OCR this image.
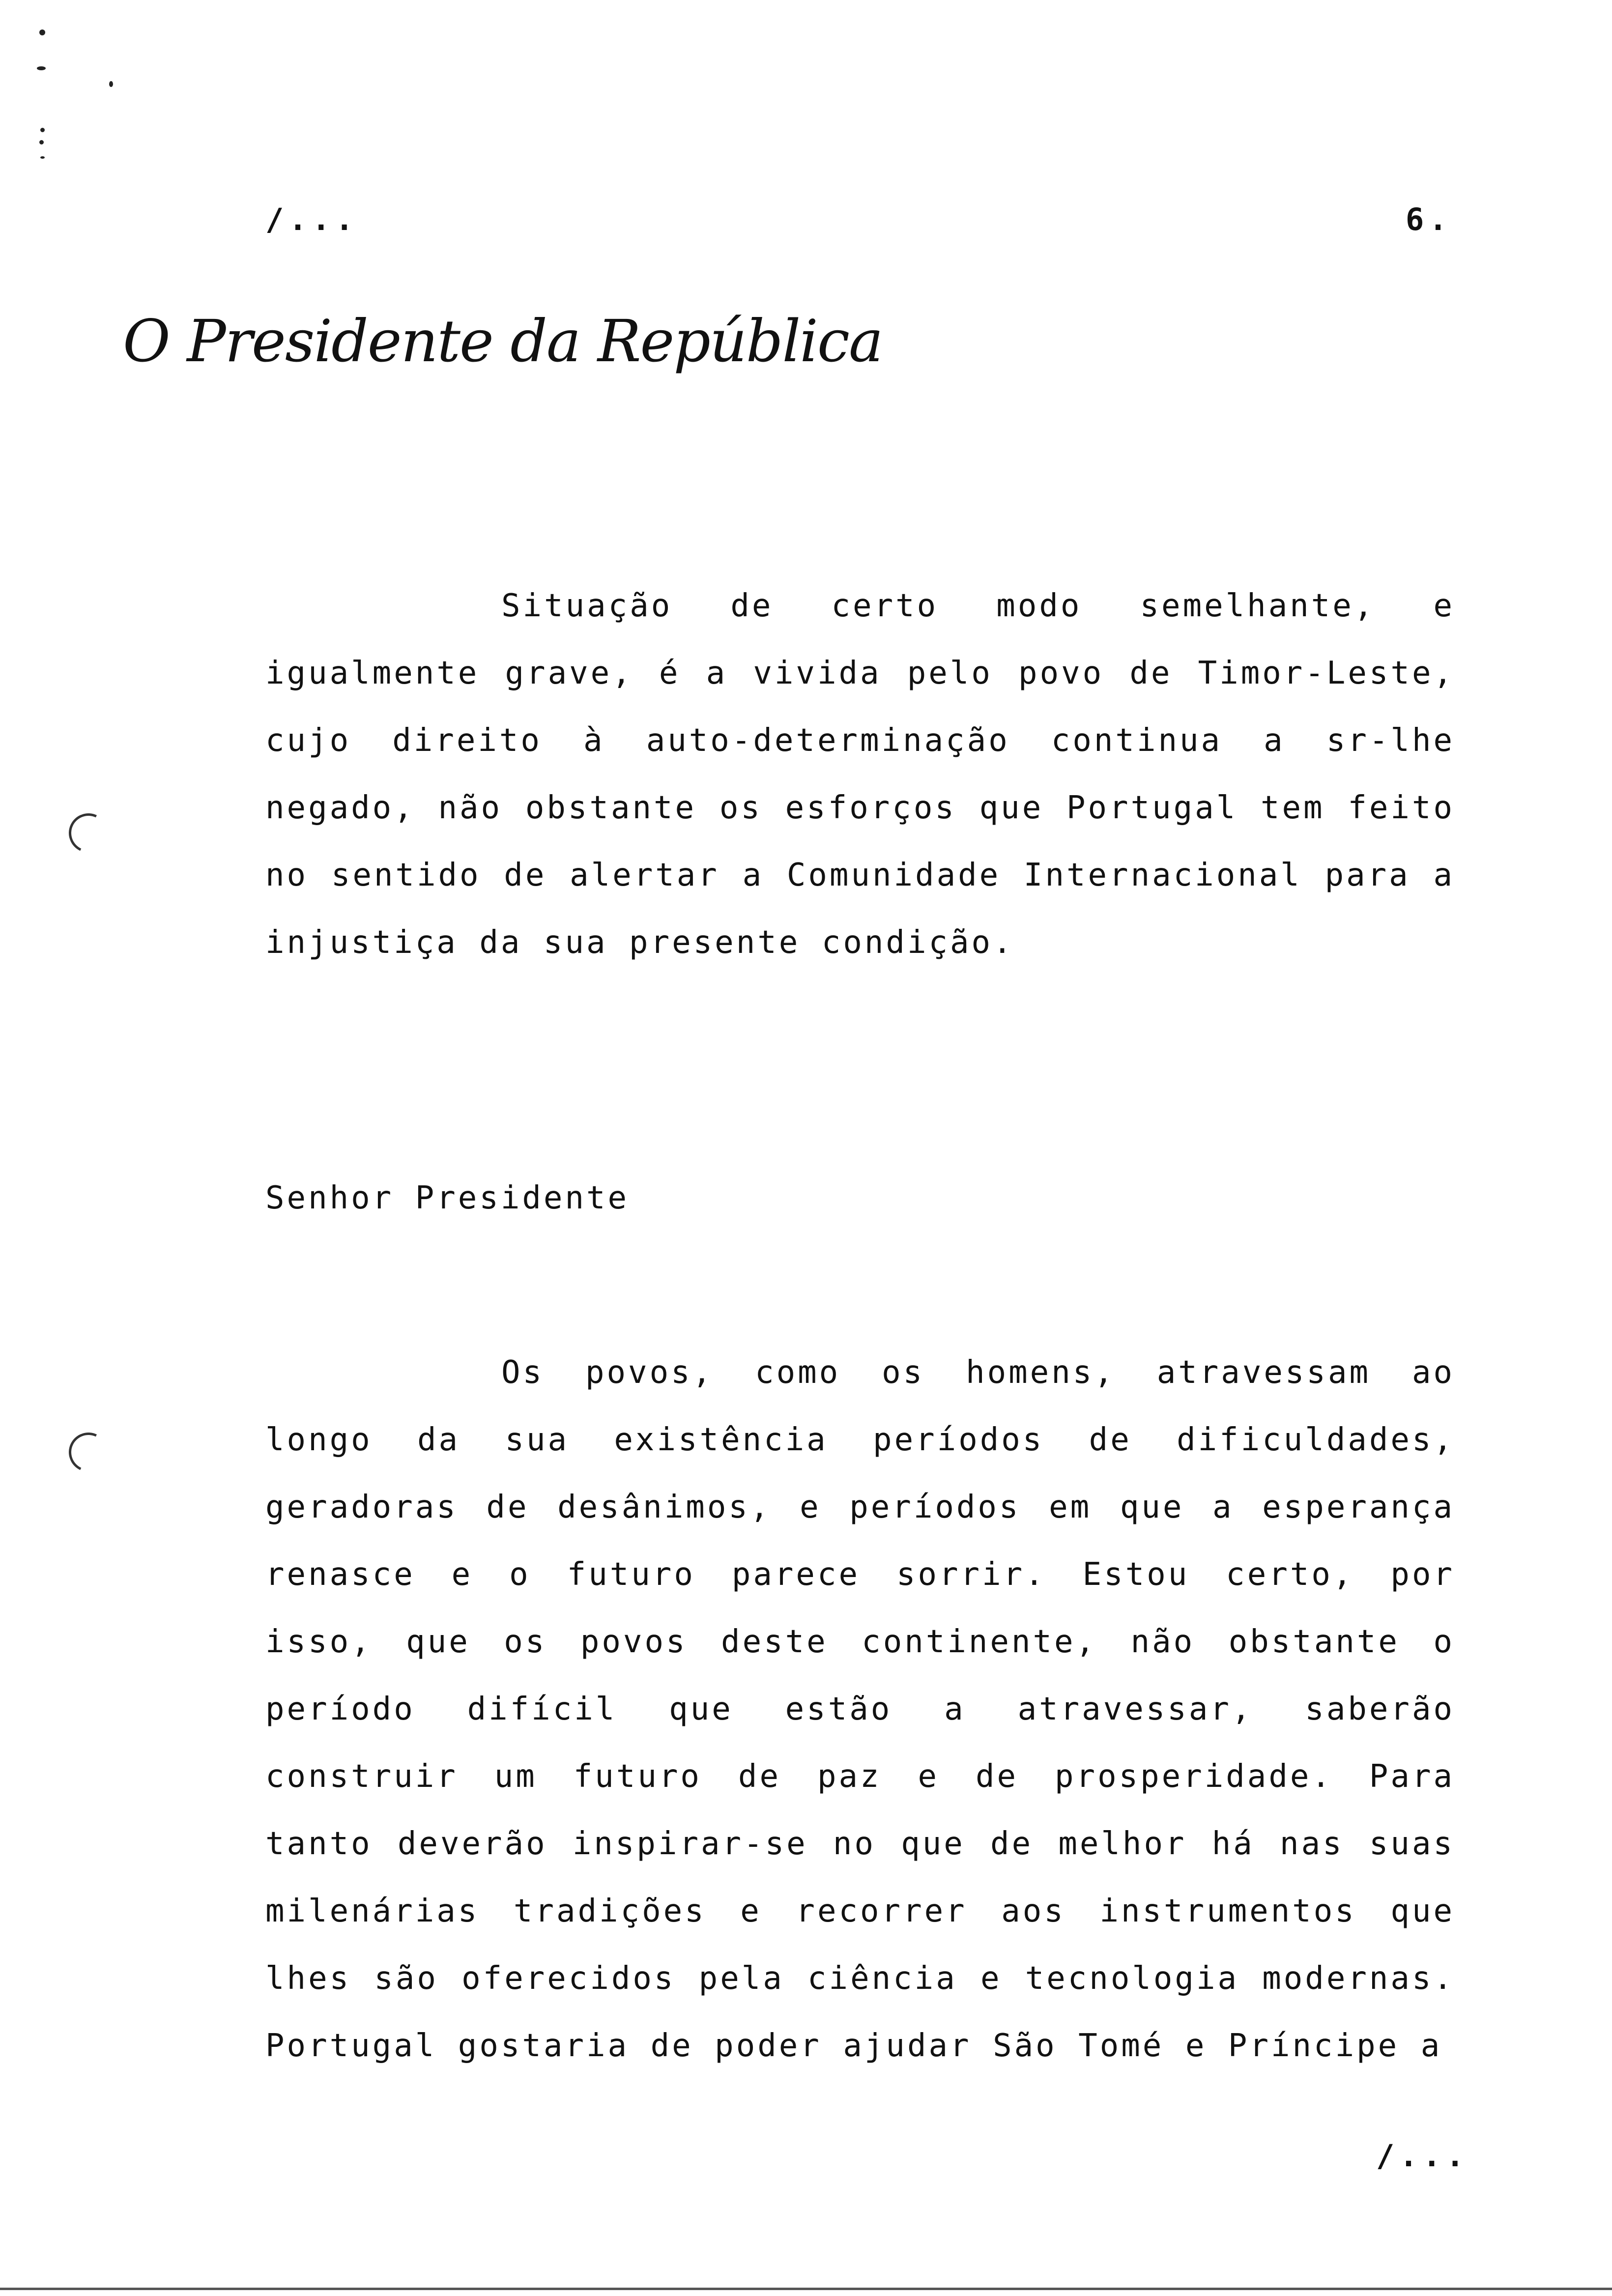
/...	6.
O Presidente da República
Situação de certo modo semelhante, e igualmente grave, é a vivida pelo povo de Timor-Leste, cujo direito à auto-determinação continua a sr-lhe negado, não obstante os esforços que Portugal tem feito no sentido de alertar a Comunidade Internacional para a injustiça da sua presente condição.
Senhor Presidente
Os povos, como os homens, atravessam ao longo da sua existência períodos de dificuldades, geradoras de desânimos, e períodos em que a esperança renasce e o futuro parece sorrir. Estou certo, por isso, que os povos deste continente, não obstante o período difícil que estão a atravessar, saberão construir um futuro de paz e de prosperidade. Para tanto deverão inspirar-se no que de melhor há nas suas milenárias tradições e recorrer aos instrumentos que lhes são oferecidos pela ciência e tecnologia modernas. Portugal gostaria de poder ajudar São Tomé e Príncipe a
/...
